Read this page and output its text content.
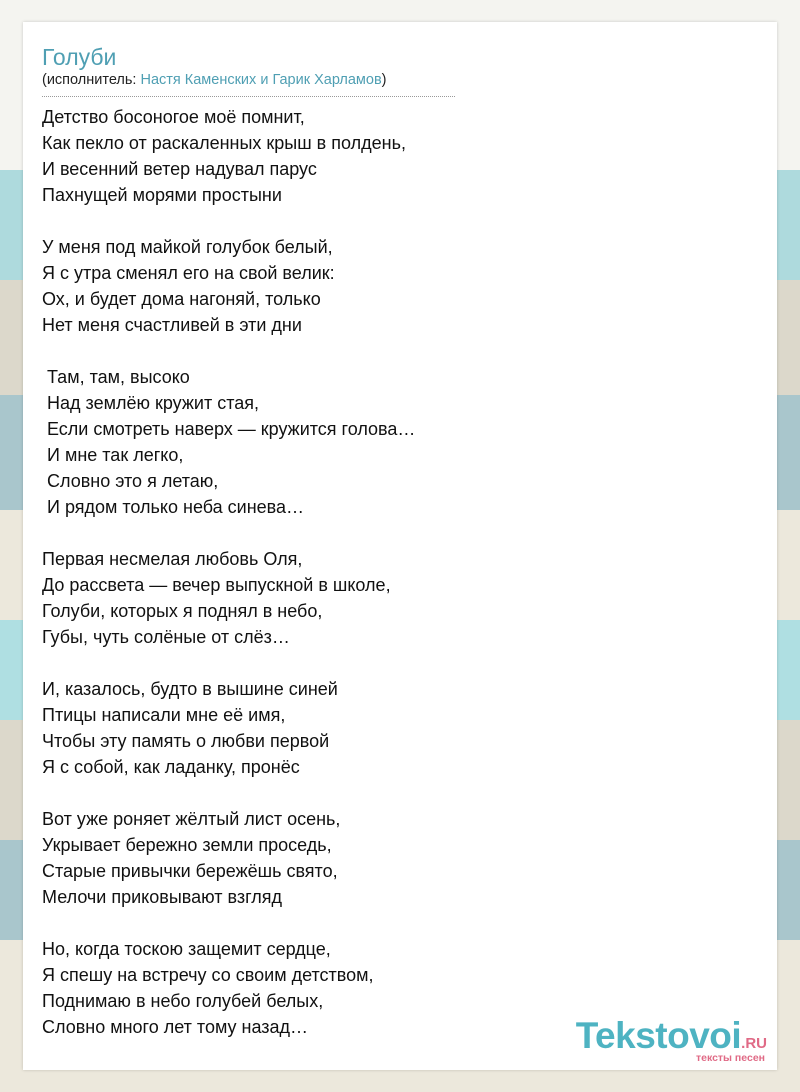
Голуби
(исполнитель: Настя Каменских и Гарик Харламов)
Детство босоногое моё помнит,
Как пекло от раскаленных крыш в полдень,
И весенний ветер надувал парус
Пахнущей морями простыни
У меня под майкой голубок белый,
Я с утра сменял его на свой велик:
Ох, и будет дома нагоняй, только
Нет меня счастливей в эти дни
Там, там, высоко
Над землёю кружит стая,
Если смотреть наверх — кружится голова…
И мне так легко,
Словно это я летаю,
И рядом только неба синева…
Первая несмелая любовь Оля,
До рассвета — вечер выпускной в школе,
Голуби, которых я поднял в небо,
Губы, чуть солёные от слёз…
И, казалось, будто в вышине синей
Птицы написали мне её имя,
Чтобы эту память о любви первой
Я с собой, как ладанку, пронёс
Вот уже роняет жёлтый лист осень,
Укрывает бережно земли проседь,
Старые привычки бережёшь свято,
Мелочи приковывают взгляд
Но, когда тоскою защемит сердце,
Я спешу на встречу со своим детством,
Поднимаю в небо голубей белых,
Словно много лет тому назад…	Tekstovoi.RU
тексты песен
